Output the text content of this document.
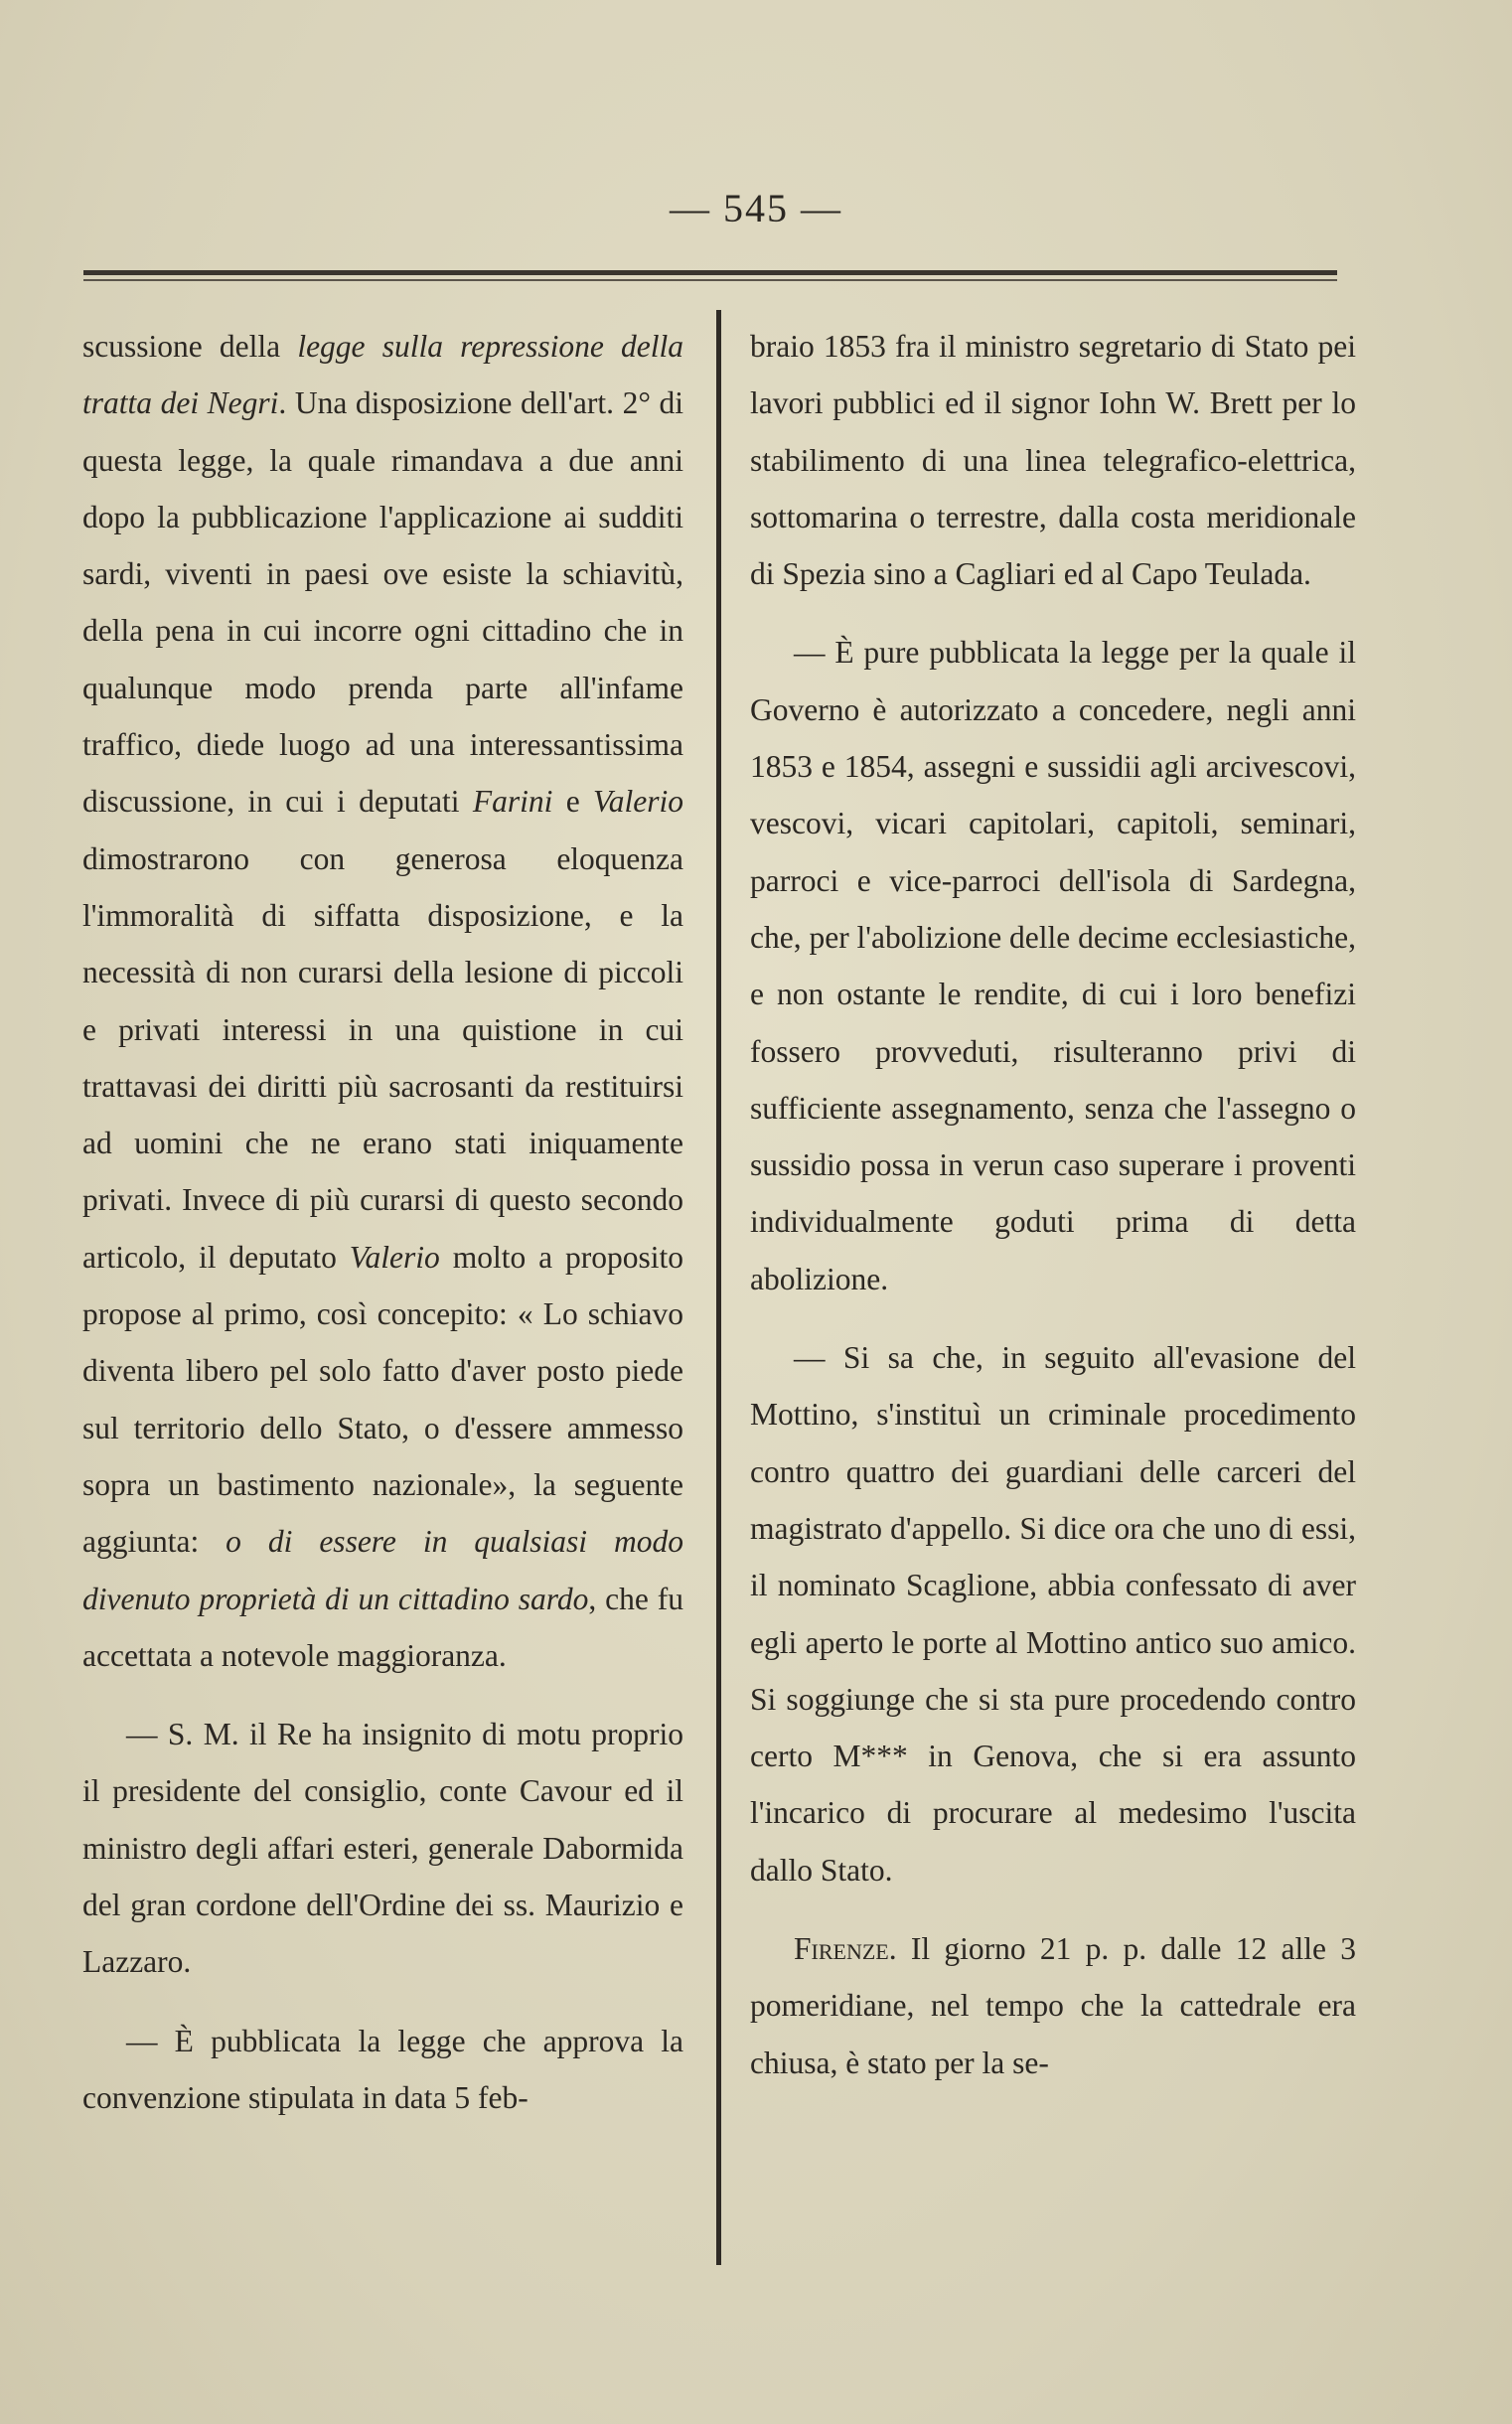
— 545 —

scussione della legge sulla repressione della tratta dei Negri. Una disposizione dell'art. 2° di questa legge, la quale rimandava a due anni dopo la pubblicazione l'applicazione ai sudditi sardi, viventi in paesi ove esiste la schiavitù, della pena in cui incorre ogni cittadino che in qualunque modo prenda parte all'infame traffico, diede luogo ad una interessantissima discussione, in cui i deputati Farini e Valerio dimostrarono con generosa eloquenza l'immoralità di siffatta disposizione, e la necessità di non curarsi della lesione di piccoli e privati interessi in una quistione in cui trattavasi dei diritti più sacrosanti da restituirsi ad uomini che ne erano stati iniquamente privati. Invece di più curarsi di questo secondo articolo, il deputato Valerio molto a proposito propose al primo, così concepito: « Lo schiavo diventa libero pel solo fatto d'aver posto piede sul territorio dello Stato, o d'essere ammesso sopra un bastimento nazionale», la seguente aggiunta: o di essere in qualsiasi modo divenuto proprietà di un cittadino sardo, che fu accettata a notevole maggioranza.

— S. M. il Re ha insignito di motu proprio il presidente del consiglio, conte Cavour ed il ministro degli affari esteri, generale Dabormida del gran cordone dell'Ordine dei ss. Maurizio e Lazzaro.

— È pubblicata la legge che approva la convenzione stipulata in data 5 feb-

braio 1853 fra il ministro segretario di Stato pei lavori pubblici ed il signor Iohn W. Brett per lo stabilimento di una linea telegrafico-elettrica, sottomarina o terrestre, dalla costa meridionale di Spezia sino a Cagliari ed al Capo Teulada.

— È pure pubblicata la legge per la quale il Governo è autorizzato a concedere, negli anni 1853 e 1854, assegni e sussidii agli arcivescovi, vescovi, vicari capitolari, capitoli, seminari, parroci e vice-parroci dell'isola di Sardegna, che, per l'abolizione delle decime ecclesiastiche, e non ostante le rendite, di cui i loro benefizi fossero provveduti, risulteranno privi di sufficiente assegnamento, senza che l'assegno o sussidio possa in verun caso superare i proventi individualmente goduti prima di detta abolizione.

— Si sa che, in seguito all'evasione del Mottino, s'instituì un criminale procedimento contro quattro dei guardiani delle carceri del magistrato d'appello. Si dice ora che uno di essi, il nominato Scaglione, abbia confessato di aver egli aperto le porte al Mottino antico suo amico. Si soggiunge che si sta pure procedendo contro certo M*** in Genova, che si era assunto l'incarico di procurare al medesimo l'uscita dallo Stato.

Firenze. Il giorno 21 p. p. dalle 12 alle 3 pomeridiane, nel tempo che la cattedrale era chiusa, è stato per la se-
